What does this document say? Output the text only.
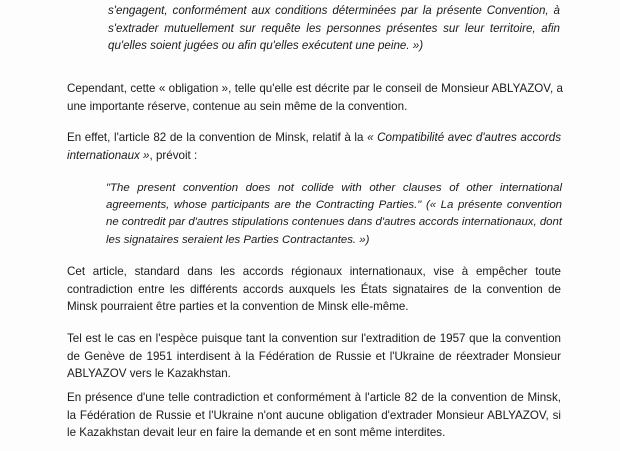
s'engagent, conformément aux conditions déterminées par la présente Convention, à s'extrader mutuellement sur requête les personnes présentes sur leur territoire, afin qu'elles soient jugées ou afin qu'elles exécutent une peine. »)

Cependant, cette « obligation », telle qu'elle est décrite par le conseil de Monsieur ABLYAZOV, a une importante réserve, contenue au sein même de la convention.

En effet, l'article 82 de la convention de Minsk, relatif à la « Compatibilité avec d'autres accords internationaux », prévoit :

"The present convention does not collide with other clauses of other international agreements, whose participants are the Contracting Parties." (« La présente convention ne contredit par d'autres stipulations contenues dans d'autres accords internationaux, dont les signataires seraient les Parties Contractantes. »)

Cet article, standard dans les accords régionaux internationaux, vise à empêcher toute contradiction entre les différents accords auxquels les États signataires de la convention de Minsk pourraient être parties et la convention de Minsk elle-même.

Tel est le cas en l'espèce puisque tant la convention sur l'extradition de 1957 que la convention de Genève de 1951 interdisent à la Fédération de Russie et l'Ukraine de réextrader Monsieur ABLYAZOV vers le Kazakhstan.

En présence d'une telle contradiction et conformément à l'article 82 de la convention de Minsk, la Fédération de Russie et l'Ukraine n'ont aucune obligation d'extrader Monsieur ABLYAZOV, si le Kazakhstan devait leur en faire la demande et en sont même interdites.
